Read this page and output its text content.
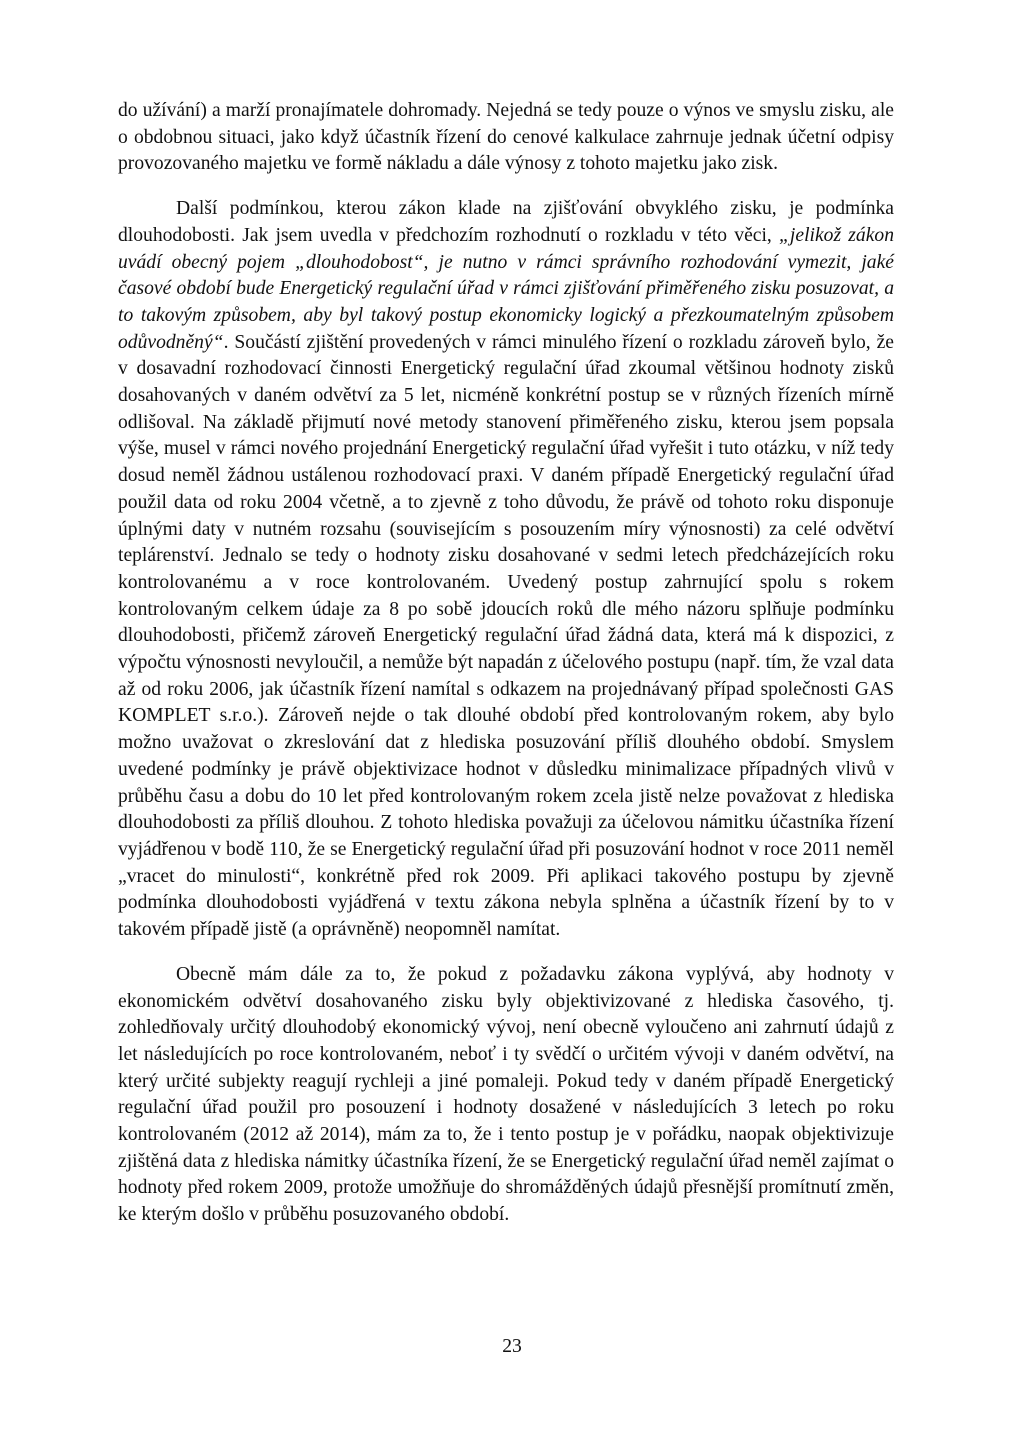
do užívání) a marží pronajímatele dohromady. Nejedná se tedy pouze o výnos ve smyslu zisku, ale o obdobnou situaci, jako když účastník řízení do cenové kalkulace zahrnuje jednak účetní odpisy provozovaného majetku ve formě nákladu a dále výnosy z tohoto majetku jako zisk.

Další podmínkou, kterou zákon klade na zjišťování obvyklého zisku, je podmínka dlouhodobosti. Jak jsem uvedla v předchozím rozhodnutí o rozkladu v této věci, „jelikož zákon uvádí obecný pojem „dlouhodobost“, je nutno v rámci správního rozhodování vymezit, jaké časové období bude Energetický regulační úřad v rámci zjišťování přiměřeného zisku posuzovat, a to takovým způsobem, aby byl takový postup ekonomicky logický a přezkoumatelným způsobem odůvodněný“. Součástí zjištění provedených v rámci minulého řízení o rozkladu zároveň bylo, že v dosavadní rozhodovací činnosti Energetický regulační úřad zkoumal většinou hodnoty zisků dosahovaných v daném odvětví za 5 let, nicméně konkrétní postup se v různých řízeních mírně odlišoval. Na základě přijmutí nové metody stanovení přiměřeného zisku, kterou jsem popsala výše, musel v rámci nového projednání Energetický regulační úřad vyřešit i tuto otázku, v níž tedy dosud neměl žádnou ustálenou rozhodovací praxi. V daném případě Energetický regulační úřad použil data od roku 2004 včetně, a to zjevně z toho důvodu, že právě od tohoto roku disponuje úplnými daty v nutném rozsahu (souvisejícím s posouzením míry výnosnosti) za celé odvětví teplárenství. Jednalo se tedy o hodnoty zisku dosahované v sedmi letech předcházejících roku kontrolovanému a v roce kontrolovaném. Uvedený postup zahrnující spolu s rokem kontrolovaným celkem údaje za 8 po sobě jdoucích roků dle mého názoru splňuje podmínku dlouhodobosti, přičemž zároveň Energetický regulační úřad žádná data, která má k dispozici, z výpočtu výnosnosti nevyloučil, a nemůže být napadán z účelového postupu (např. tím, že vzal data až od roku 2006, jak účastník řízení namítal s odkazem na projednávaný případ společnosti GAS KOMPLET s.r.o.). Zároveň nejde o tak dlouhé období před kontrolovaným rokem, aby bylo možno uvažovat o zkreslování dat z hlediska posuzování příliš dlouhého období. Smyslem uvedené podmínky je právě objektivizace hodnot v důsledku minimalizace případných vlivů v průběhu času a dobu do 10 let před kontrolovaným rokem zcela jistě nelze považovat z hlediska dlouhodobosti za příliš dlouhou. Z tohoto hlediska považuji za účelovou námitku účastníka řízení vyjádřenou v bodě 110, že se Energetický regulační úřad při posuzování hodnot v roce 2011 neměl „vracet do minulosti“, konkrétně před rok 2009. Při aplikaci takového postupu by zjevně podmínka dlouhodobosti vyjádřená v textu zákona nebyla splněna a účastník řízení by to v takovém případě jistě (a oprávněně) neopomněl namítat.

Obecně mám dále za to, že pokud z požadavku zákona vyplývá, aby hodnoty v ekonomickém odvětví dosahovaného zisku byly objektivizované z hlediska časového, tj. zohledňovaly určitý dlouhodobý ekonomický vývoj, není obecně vyloučeno ani zahrnutí údajů z let následujících po roce kontrolovaném, neboť i ty svědčí o určitém vývoji v daném odvětví, na který určité subjekty reagují rychleji a jiné pomaleji. Pokud tedy v daném případě Energetický regulační úřad použil pro posouzení i hodnoty dosažené v následujících 3 letech po roku kontrolovaném (2012 až 2014), mám za to, že i tento postup je v pořádku, naopak objektivizuje zjištěná data z hlediska námitky účastníka řízení, že se Energetický regulační úřad neměl zajímat o hodnoty před rokem 2009, protože umožňuje do shromážděných údajů přesnější promítnutí změn, ke kterým došlo v průběhu posuzovaného období.

23
